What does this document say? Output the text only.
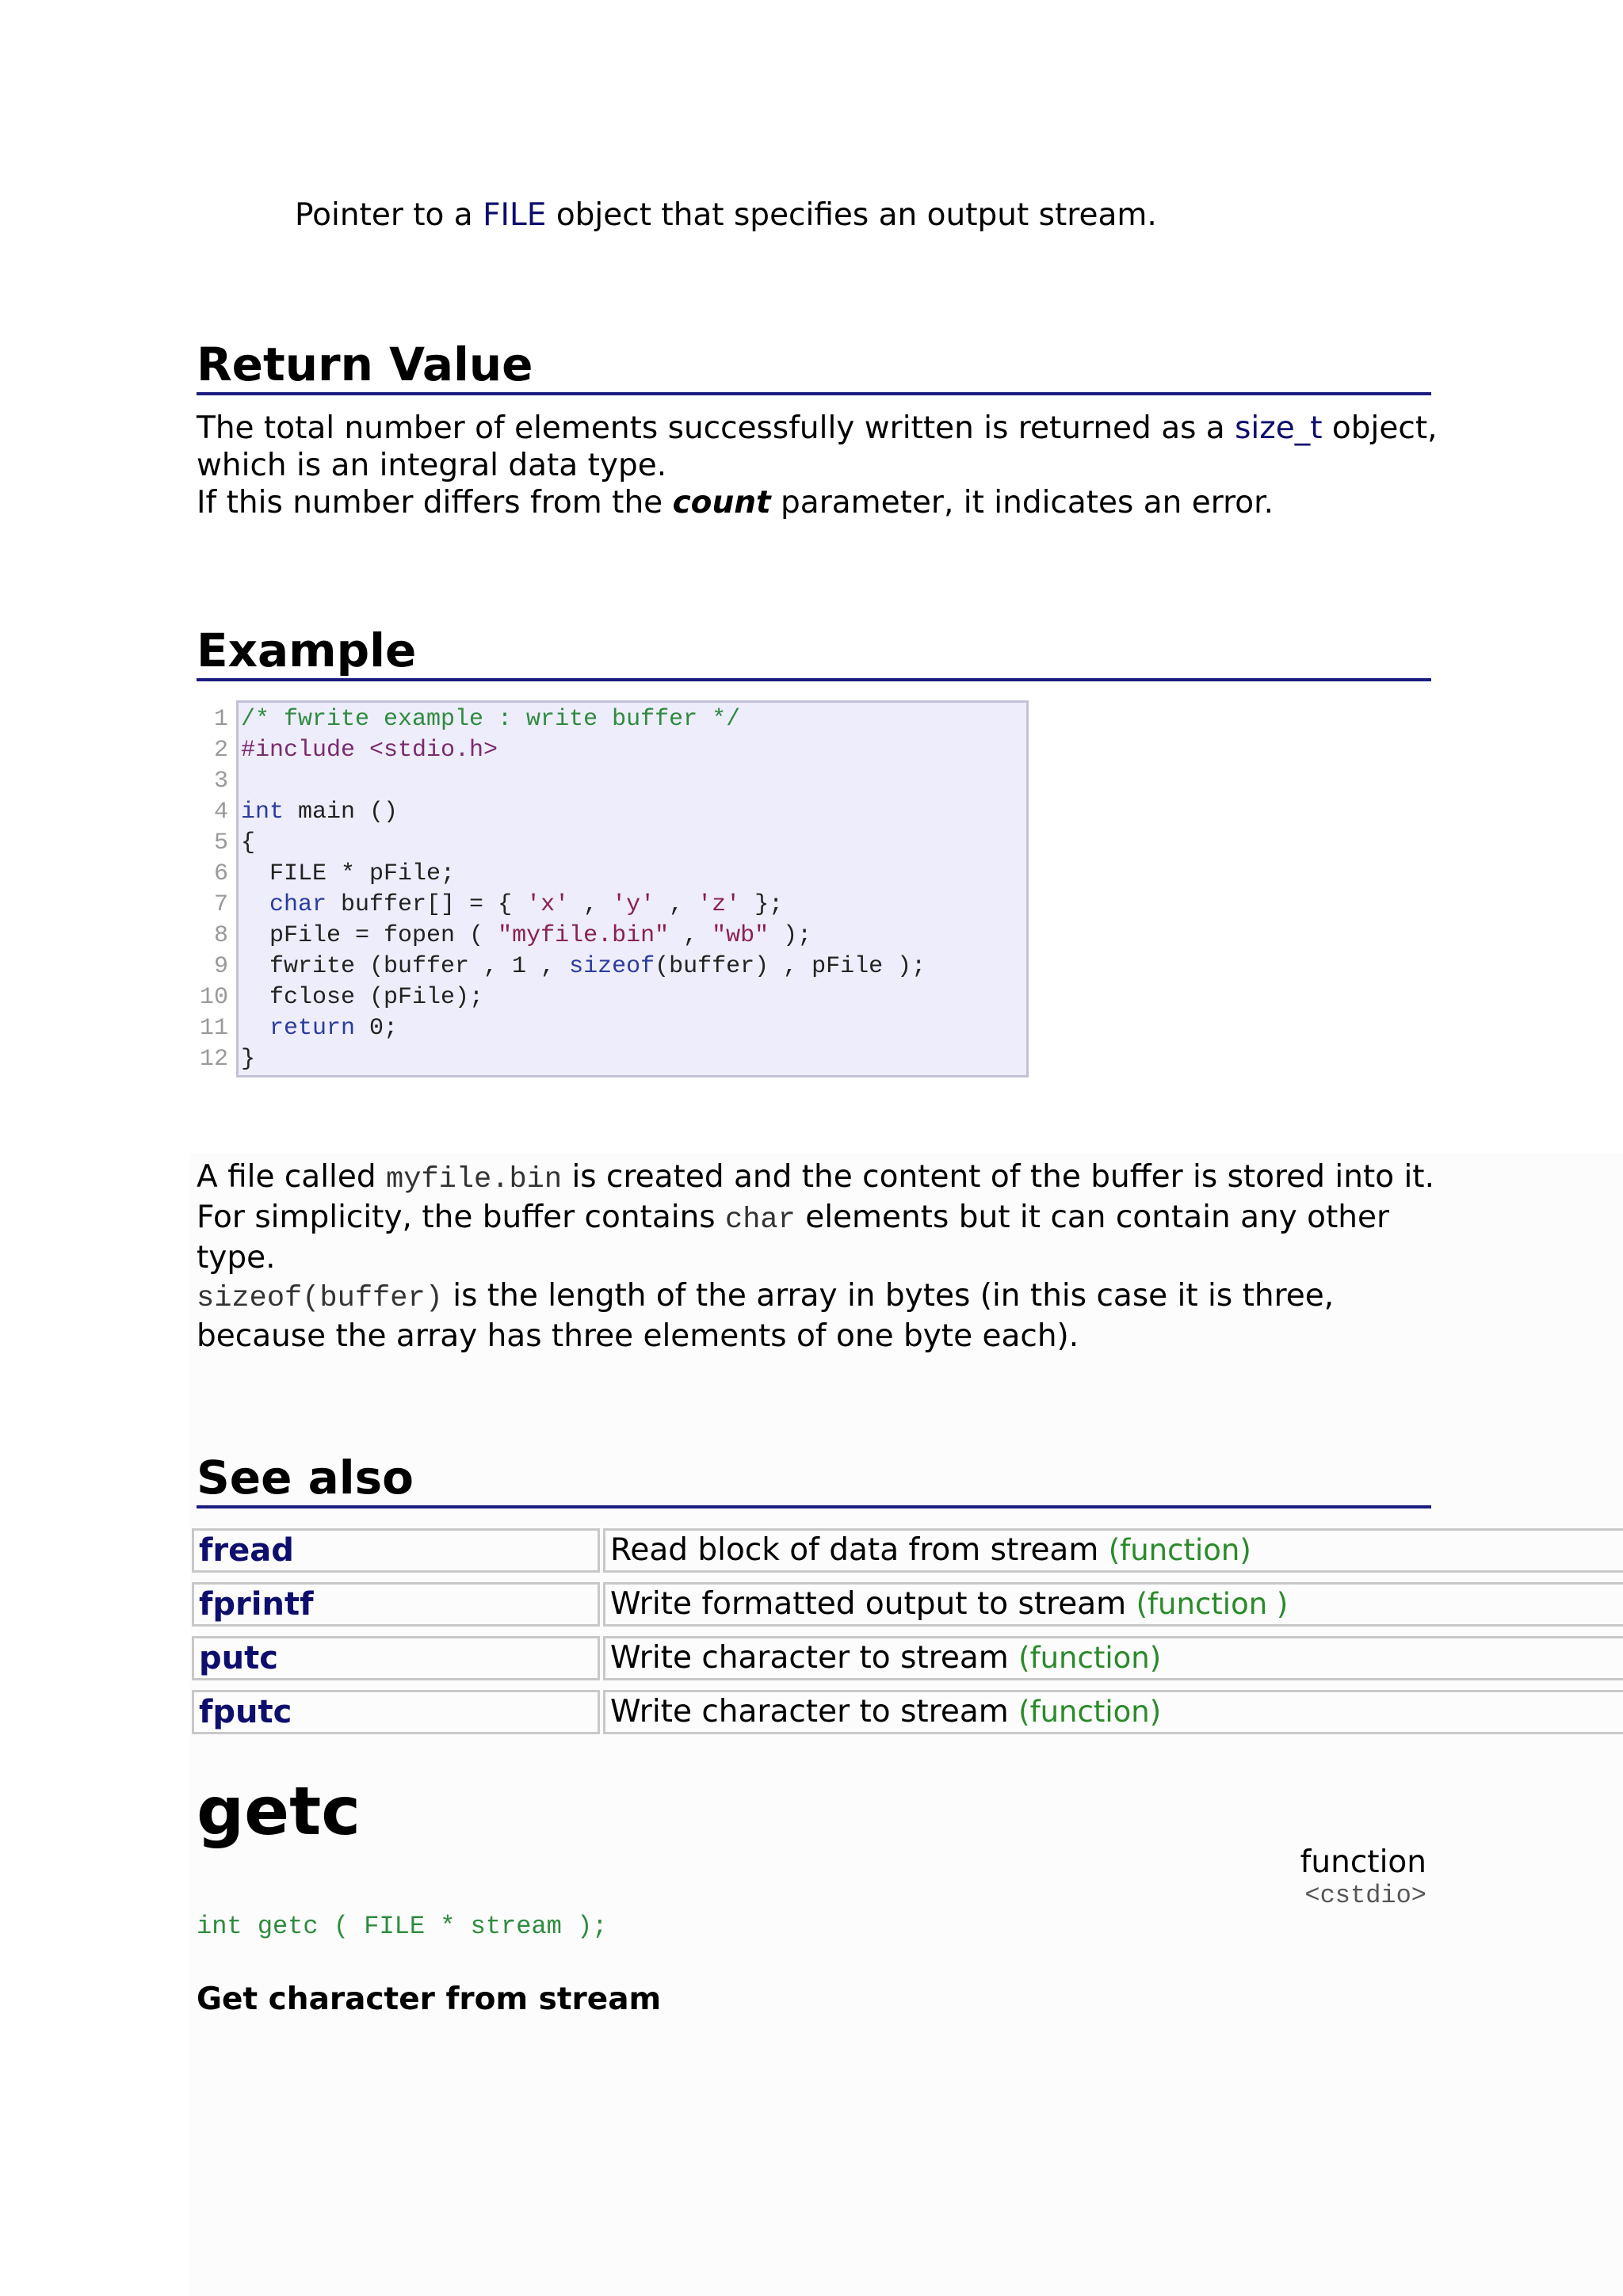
Pointer to a FILE object that specifies an output stream.
Return Value
The total number of elements successfully written is returned as a size_t object,
which is an integral data type.
If this number differs from the count parameter, it indicates an error.
Example
1
2
3
4
5
6
7
8
9
10
11
12
/* fwrite example : write buffer */
#include <stdio.h>

int main ()
{
FILE * pFile;
char buffer[] = { 'x' , 'y' , 'z' };
pFile = fopen ( "myfile.bin" , "wb" );
fwrite (buffer , 1 , sizeof(buffer) , pFile );
fclose (pFile);
return 0;
}
A file called myfile.bin is created and the content of the buffer is stored into it.
For simplicity, the buffer contains char elements but it can contain any other
type.
sizeof(buffer) is the length of the array in bytes (in this case it is three,
because the array has three elements of one byte each).
See also
fread	Read block of data from stream (function)
fprintf	Write formatted output to stream (function )
putc	Write character to stream (function)
fputc	Write character to stream (function)
getc
function
<cstdio>
int getc ( FILE * stream );
Get character from stream
